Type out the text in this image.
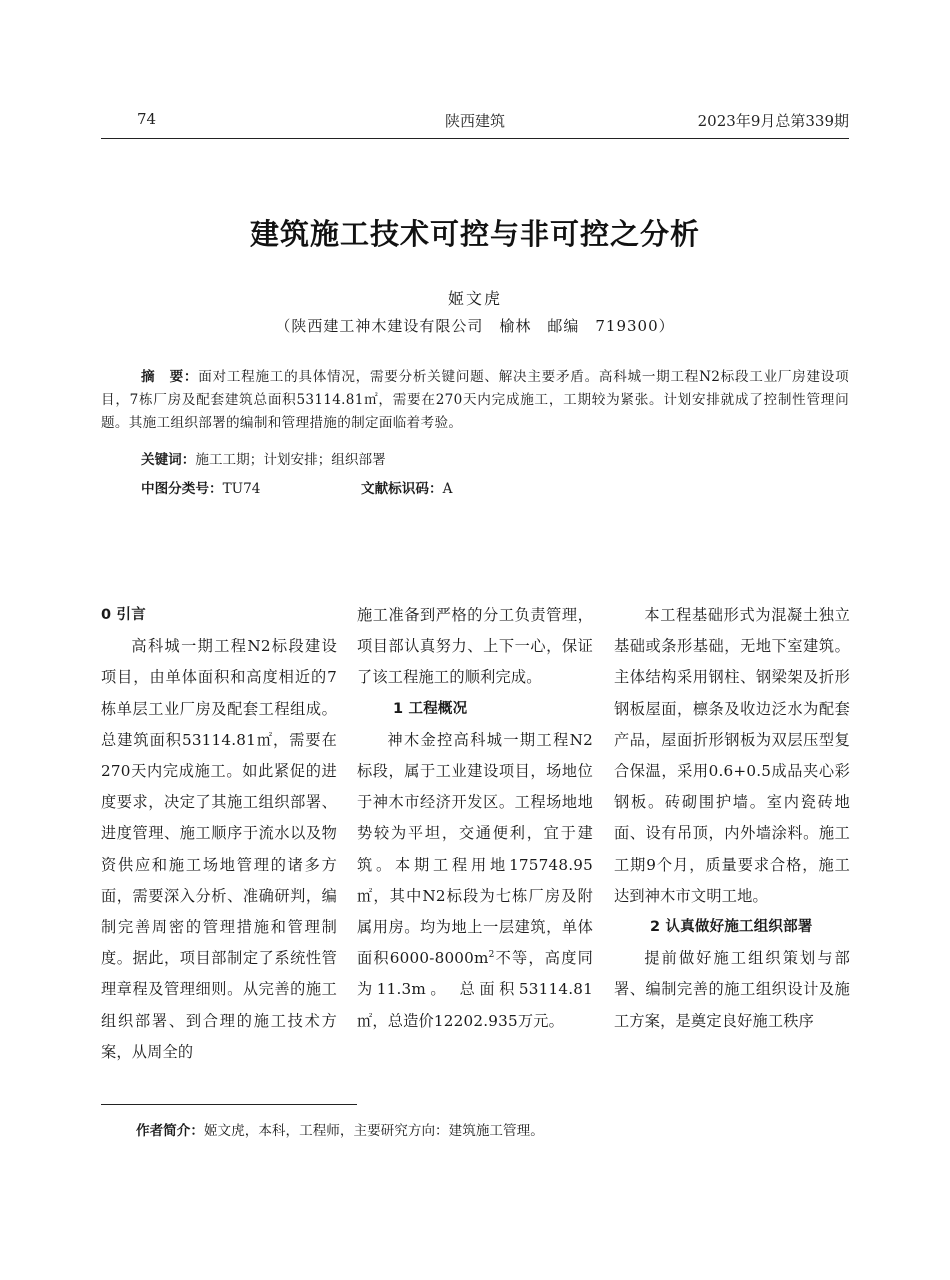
74	陕西建筑	2023年9月总第339期
建筑施工技术可控与非可控之分析
姬文虎
（陕西建工神木建设有限公司　榆林　邮编　719300）
摘　要：面对工程施工的具体情况，需要分析关键问题、解决主要矛盾。高科城一期工程N2标段工业厂房建设项目，7栋厂房及配套建筑总面积53114.81㎡，需要在270天内完成施工，工期较为紧张。计划安排就成了控制性管理问题。其施工组织部署的编制和管理措施的制定面临着考验。
关键词：施工工期；计划安排；组织部署
中图分类号：TU74	文献标识码：A
0 引言

高科城一期工程N2标段建设项目，由单体面积和高度相近的7栋单层工业厂房及配套工程组成。总建筑面积53114.81㎡，需要在270天内完成施工。如此紧促的进度要求，决定了其施工组织部署、进度管理、施工顺序于流水以及物资供应和施工场地管理的诸多方面，需要深入分析、准确研判，编制完善周密的管理措施和管理制度。据此，项目部制定了系统性管理章程及管理细则。从完善的施工组织部署、到合理的施工技术方案，从周全的

施工准备到严格的分工负责管理，项目部认真努力、上下一心，保证了该工程施工的顺利完成。

1 工程概况

神木金控高科城一期工程N2标段，属于工业建设项目，场地位于神木市经济开发区。工程场地地势较为平坦，交通便利，宜于建筑。本期工程用地175748.95㎡，其中N2标段为七栋厂房及附属用房。均为地上一层建筑，单体面积$6000-8000m^2$不等，高度同为11.3m。 总面积53114.81㎡，总造价12202.935万元。

本工程基础形式为混凝土独立基础或条形基础，无地下室建筑。主体结构采用钢柱、钢梁架及折形钢板屋面，檩条及收边泛水为配套产品，屋面折形钢板为双层压型复合保温，采用0.6+0.5成品夹心彩钢板。砖砌围护墙。室内瓷砖地面、设有吊顶，内外墙涂料。施工工期9个月，质量要求合格，施工达到神木市文明工地。

2 认真做好施工组织部署

提前做好施工组织策划与部署、编制完善的施工组织设计及施工方案，是奠定良好施工秩序

作者简介：姬文虎，本科，工程师，主要研究方向：建筑施工管理。
